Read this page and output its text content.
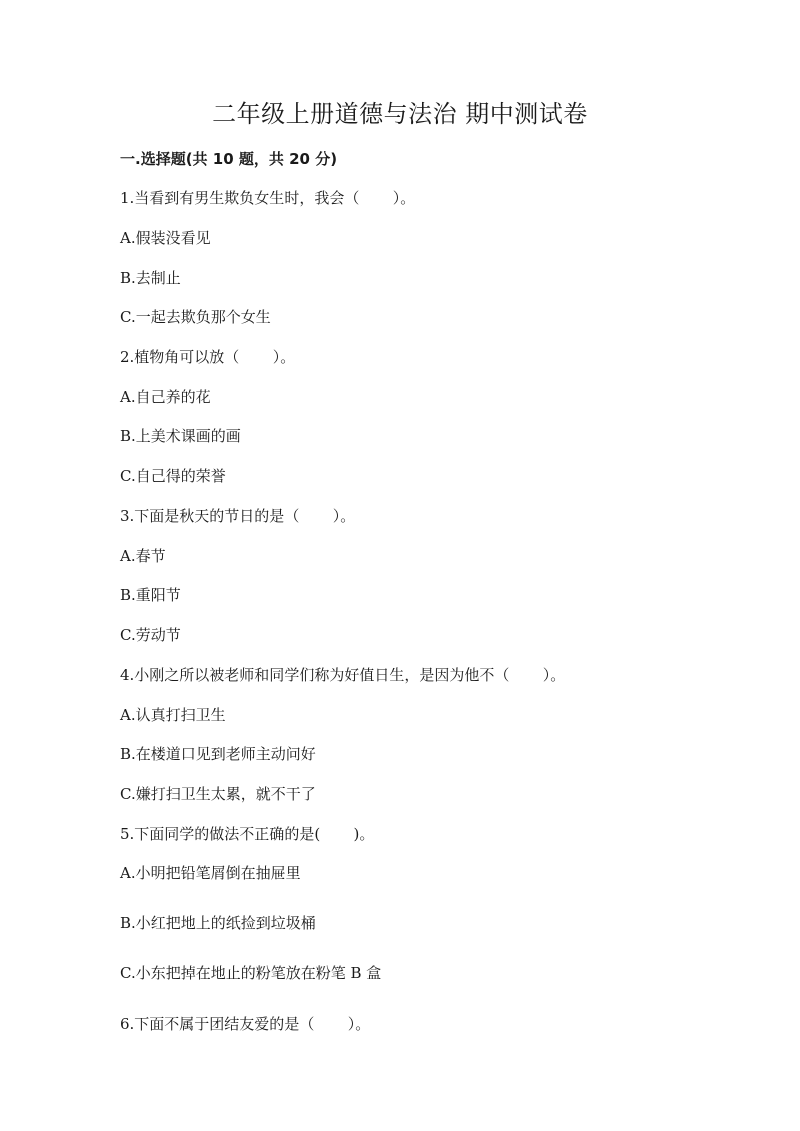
二年级上册道德与法治 期中测试卷
一.选择题(共 10 题，共 20 分)
1.当看到有男生欺负女生时，我会（       ）。
A.假装没看见
B.去制止
C.一起去欺负那个女生
2.植物角可以放（       ）。
A.自己养的花
B.上美术课画的画
C.自己得的荣誉
3.下面是秋天的节日的是（       ）。
A.春节
B.重阳节
C.劳动节
4.小刚之所以被老师和同学们称为好值日生，是因为他不（       ）。
A.认真打扫卫生
B.在楼道口见到老师主动问好
C.嫌打扫卫生太累，就不干了
5.下面同学的做法不正确的是(       )。
A.小明把铅笔屑倒在抽屉里
B.小红把地上的纸捡到垃圾桶
C.小东把掉在地止的粉笔放在粉笔 B 盒
6.下面不属于团结友爱的是（       ）。
